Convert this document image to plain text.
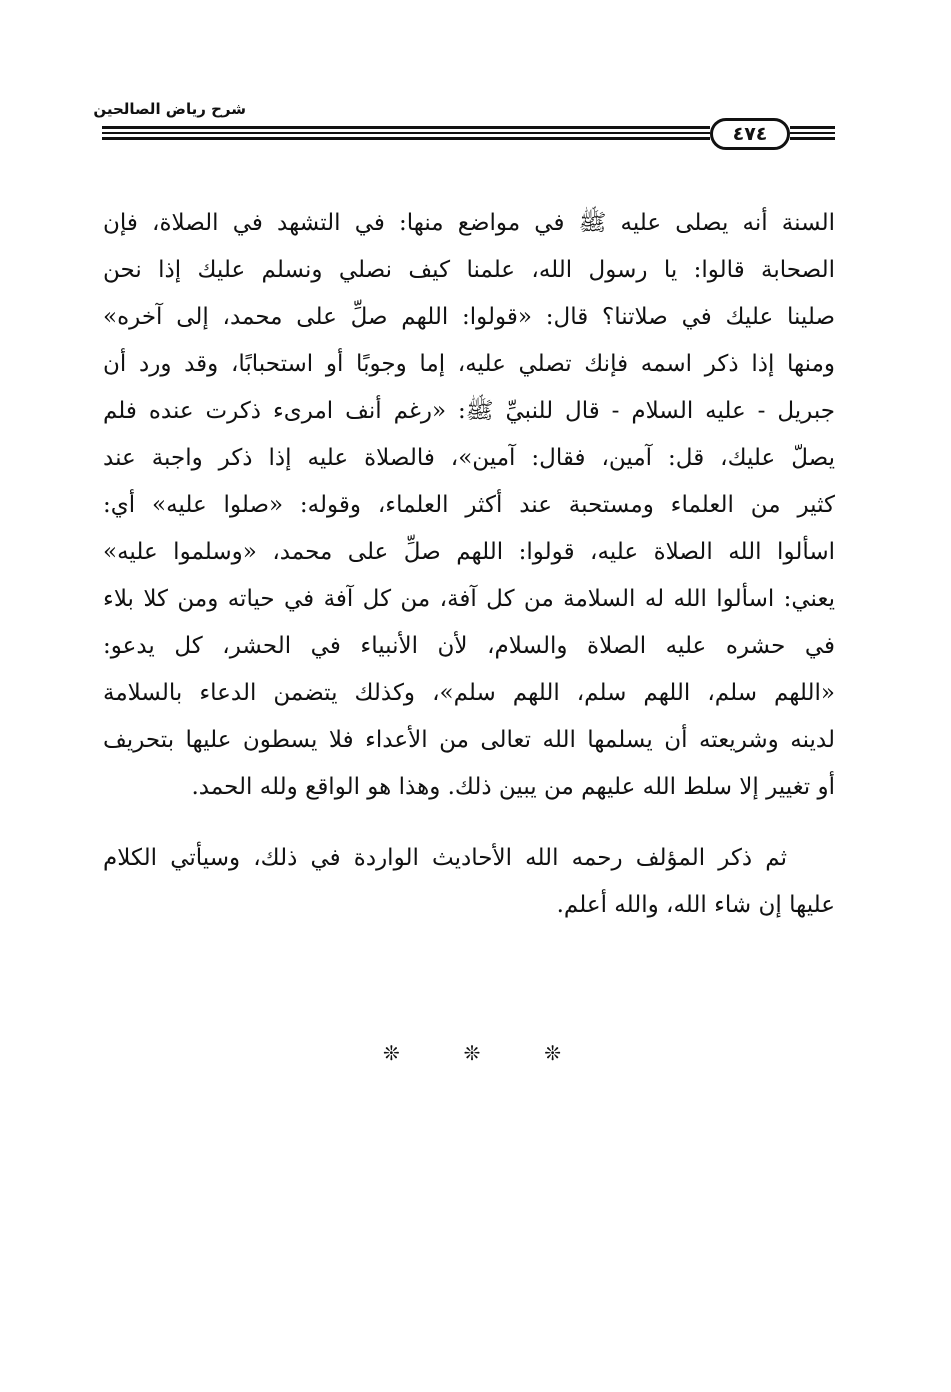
شرح رياض الصالحين
٤٧٤
السنة أنه يصلى عليه ﷺ في مواضع منها: في التشهد في الصلاة، فإن
الصحابة قالوا: يا رسول الله، علمنا كيف نصلي ونسلم عليك إذا نحن
صلينا عليك في صلاتنا؟ قال: «قولوا: اللهم صلِّ على محمد، إلى آخره»
ومنها إذا ذكر اسمه فإنك تصلي عليه، إما وجوبًا أو استحبابًا، وقد ورد أن
جبريل - عليه السلام - قال للنبيِّ ﷺ: «رغم أنف امرىء ذكرت عنده فلم
يصلّ عليك، قل: آمين، فقال: آمين»، فالصلاة عليه إذا ذكر واجبة عند
كثير من العلماء ومستحبة عند أكثر العلماء، وقوله: «صلوا عليه» أي:
اسألوا الله الصلاة عليه، قولوا: اللهم صلِّ على محمد، «وسلموا عليه»
يعني: اسألوا الله له السلامة من كل آفة، من كل آفة في حياته ومن كلا بلاء
في حشره عليه الصلاة والسلام، لأن الأنبياء في الحشر، كل يدعو:
«اللهم سلم، اللهم سلم، اللهم سلم»، وكذلك يتضمن الدعاء بالسلامة
لدينه وشريعته أن يسلمها الله تعالى من الأعداء فلا يسطون عليها بتحريف
أو تغيير إلا سلط الله عليهم من يبين ذلك. وهذا هو الواقع ولله الحمد.
ثم ذكر المؤلف رحمه الله الأحاديث الواردة في ذلك، وسيأتي الكلام
عليها إن شاء الله، والله أعلم.
❊
❊
❊
